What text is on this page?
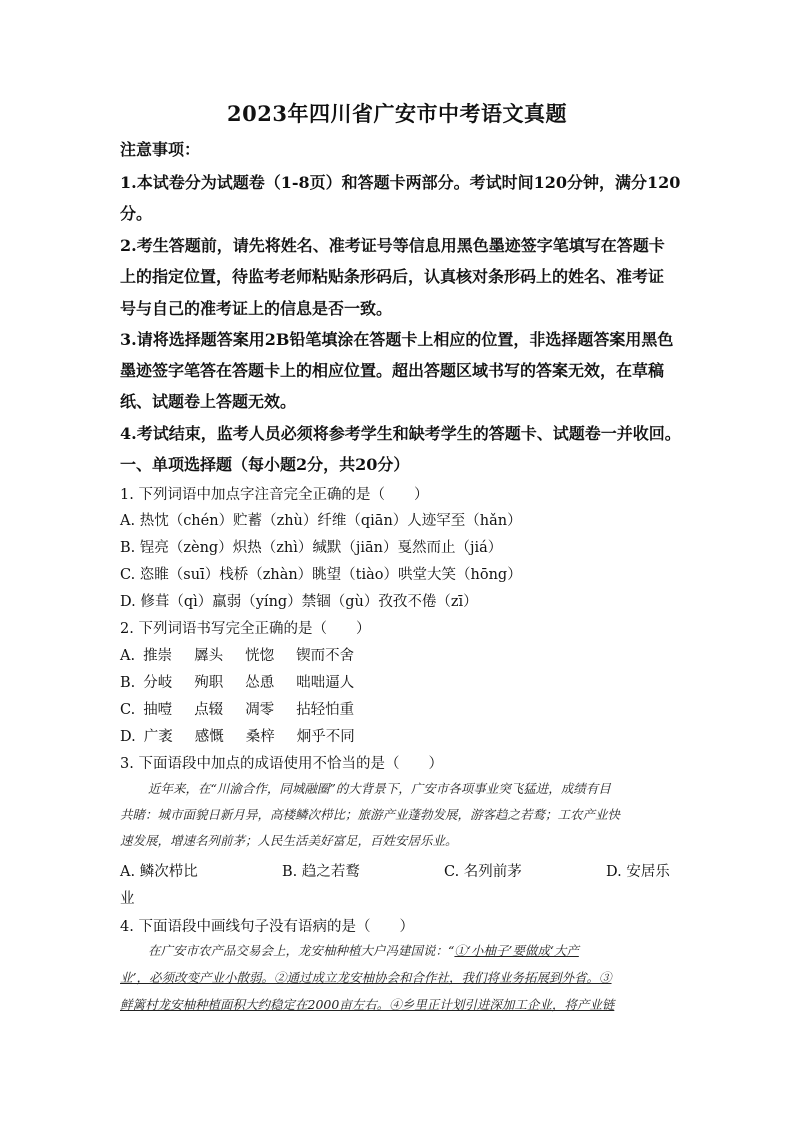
2023年四川省广安市中考语文真题
注意事项：
1.本试卷分为试题卷（1-8页）和答题卡两部分。考试时间120分钟，满分120
分。
2.考生答题前，请先将姓名、准考证号等信息用黑色墨迹签字笔填写在答题卡
上的指定位置，待监考老师粘贴条形码后，认真核对条形码上的姓名、准考证
号与自己的准考证上的信息是否一致。
3.请将选择题答案用2B铅笔填涂在答题卡上相应的位置，非选择题答案用黑色
墨迹签字笔答在答题卡上的相应位置。超出答题区域书写的答案无效，在草稿
纸、试题卷上答题无效。
4.考试结束，监考人员必须将参考学生和缺考学生的答题卡、试题卷一并收回。
一、单项选择题（每小题2分，共20分）
1. 下列词语中加点字注音完全正确的是（　　）
A. 热忱（chén）贮蓄（zhù）纤维（qiān）人迹罕至（hǎn）
B. 锃亮（zèng）炽热（zhì）缄默（jiān）戛然而止（jiá）
C. 恣睢（suī）栈桥（zhàn）眺望（tiào）哄堂大笑（hōng）
D. 修葺（qì）羸弱（yíng）禁锢（gù）孜孜不倦（zī）
2. 下列词语书写完全正确的是（　　）
A. 推崇 羼头 恍惚 锲而不舍
B. 分岐 殉职 怂恿 咄咄逼人
C. 抽噎 点辍 凋零 拈轻怕重
D. 广袤 感慨 桑梓 炯乎不同
3. 下面语段中加点的成语使用不恰当的是（　　）
近年来，在“川渝合作，同城融圈”的大背景下，广安市各项事业突飞猛进，成绩有目
共睹：城市面貌日新月异，高楼鳞次栉比；旅游产业蓬勃发展，游客趋之若鹜；工农产业快
速发展，增速名列前茅；人民生活美好富足，百姓安居乐业。
A. 鳞次栉比	B. 趋之若鹜	C. 名列前茅	D. 安居乐
业
4. 下面语段中画线句子没有语病的是（　　）
在广安市农产品交易会上，龙安柚种植大户冯建国说：“①‘小柚子’要做成‘大产
业’，必须改变产业小散弱。②通过成立龙安柚协会和合作社，我们将业务拓展到外省。③
鲜篱村龙安柚种植面积大约稳定在2000亩左右。④乡里正计划引进深加工企业，将产业链
